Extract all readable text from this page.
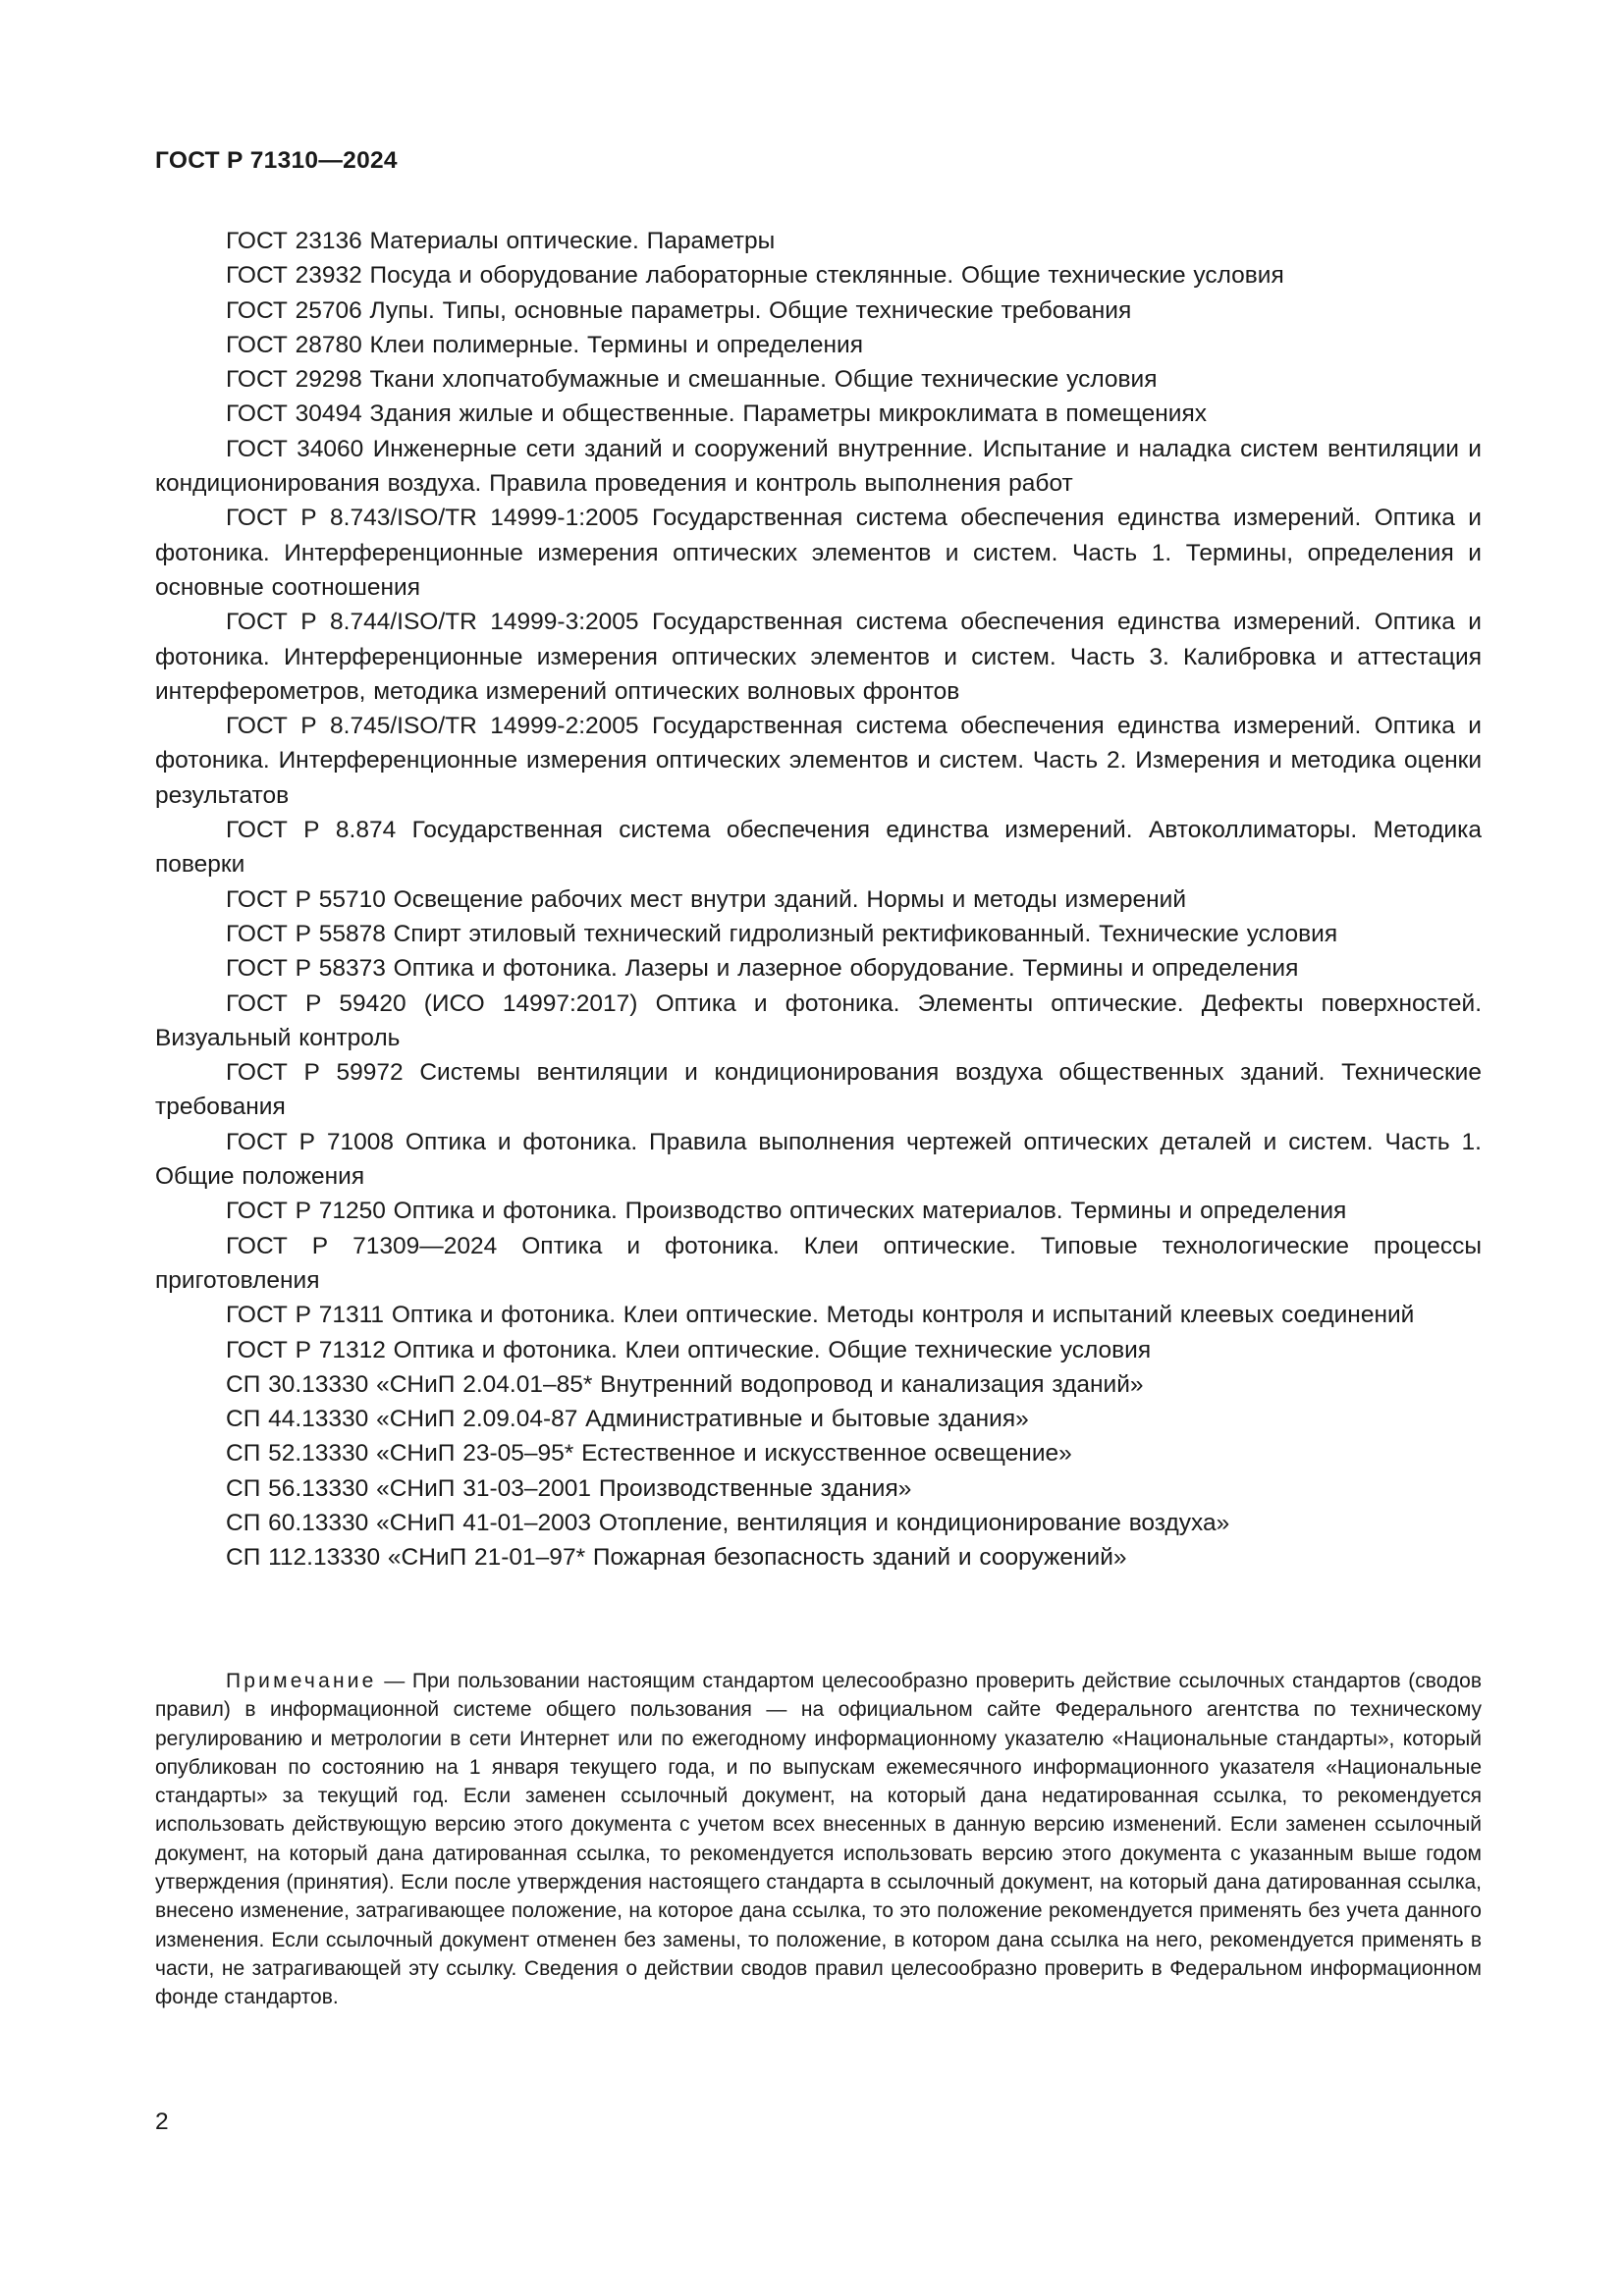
ГОСТ Р 71310—2024

ГОСТ 23136 Материалы оптические. Параметры

ГОСТ 23932 Посуда и оборудование лабораторные стеклянные. Общие технические условия

ГОСТ 25706 Лупы. Типы, основные параметры. Общие технические требования

ГОСТ 28780 Клеи полимерные. Термины и определения

ГОСТ 29298 Ткани хлопчатобумажные и смешанные. Общие технические условия

ГОСТ 30494 Здания жилые и общественные. Параметры микроклимата в помещениях

ГОСТ 34060 Инженерные сети зданий и сооружений внутренние. Испытание и наладка систем вентиляции и кондиционирования воздуха. Правила проведения и контроль выполнения работ

ГОСТ Р 8.743/ISO/TR 14999-1:2005 Государственная система обеспечения единства измерений. Оптика и фотоника. Интерференционные измерения оптических элементов и систем. Часть 1. Термины, определения и основные соотношения

ГОСТ Р 8.744/ISO/TR 14999-3:2005 Государственная система обеспечения единства измерений. Оптика и фотоника. Интерференционные измерения оптических элементов и систем. Часть 3. Калибровка и аттестация интерферометров, методика измерений оптических волновых фронтов

ГОСТ Р 8.745/ISO/TR 14999-2:2005 Государственная система обеспечения единства измерений. Оптика и фотоника. Интерференционные измерения оптических элементов и систем. Часть 2. Измерения и методика оценки результатов

ГОСТ Р 8.874 Государственная система обеспечения единства измерений. Автоколлиматоры. Методика поверки

ГОСТ Р 55710 Освещение рабочих мест внутри зданий. Нормы и методы измерений

ГОСТ Р 55878 Спирт этиловый технический гидролизный ректификованный. Технические условия

ГОСТ Р 58373 Оптика и фотоника. Лазеры и лазерное оборудование. Термины и определения

ГОСТ Р 59420 (ИСО 14997:2017) Оптика и фотоника. Элементы оптические. Дефекты поверхностей. Визуальный контроль

ГОСТ Р 59972 Системы вентиляции и кондиционирования воздуха общественных зданий. Технические требования

ГОСТ Р 71008 Оптика и фотоника. Правила выполнения чертежей оптических деталей и систем. Часть 1. Общие положения

ГОСТ Р 71250 Оптика и фотоника. Производство оптических материалов. Термины и определения

ГОСТ Р 71309—2024 Оптика и фотоника. Клеи оптические. Типовые технологические процессы приготовления

ГОСТ Р 71311 Оптика и фотоника. Клеи оптические. Методы контроля и испытаний клеевых соединений

ГОСТ Р 71312 Оптика и фотоника. Клеи оптические. Общие технические условия

СП 30.13330 «СНиП 2.04.01–85* Внутренний водопровод и канализация зданий»

СП 44.13330 «СНиП 2.09.04-87 Административные и бытовые здания»

СП 52.13330 «СНиП 23-05–95* Естественное и искусственное освещение»

СП 56.13330 «СНиП 31-03–2001 Производственные здания»

СП 60.13330 «СНиП 41-01–2003 Отопление, вентиляция и кондиционирование воздуха»

СП 112.13330 «СНиП 21-01–97* Пожарная безопасность зданий и сооружений»

Примечание — При пользовании настоящим стандартом целесообразно проверить действие ссылочных стандартов (сводов правил) в информационной системе общего пользования — на официальном сайте Федерального агентства по техническому регулированию и метрологии в сети Интернет или по ежегодному информационному указателю «Национальные стандарты», который опубликован по состоянию на 1 января текущего года, и по выпускам ежемесячного информационного указателя «Национальные стандарты» за текущий год. Если заменен ссылочный документ, на который дана недатированная ссылка, то рекомендуется использовать действующую версию этого документа с учетом всех внесенных в данную версию изменений. Если заменен ссылочный документ, на который дана датированная ссылка, то рекомендуется использовать версию этого документа с указанным выше годом утверждения (принятия). Если после утверждения настоящего стандарта в ссылочный документ, на который дана датированная ссылка, внесено изменение, затрагивающее положение, на которое дана ссылка, то это положение рекомендуется применять без учета данного изменения. Если ссылочный документ отменен без замены, то положение, в котором дана ссылка на него, рекомендуется применять в части, не затрагивающей эту ссылку. Сведения о действии сводов правил целесообразно проверить в Федеральном информационном фонде стандартов.

2
